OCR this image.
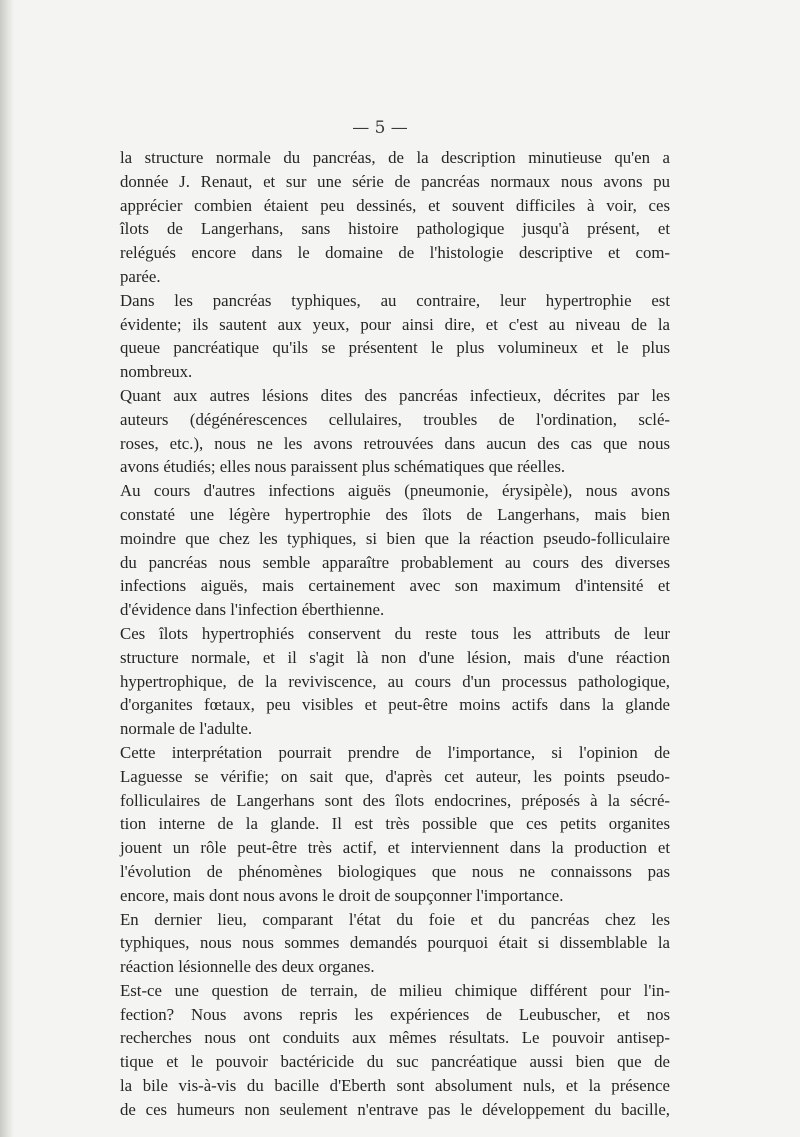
— 5 —
la structure normale du pancréas, de la description minutieuse qu'en a
donnée J. Renaut, et sur une série de pancréas normaux nous avons pu
apprécier combien étaient peu dessinés, et souvent difficiles à voir, ces
îlots de Langerhans, sans histoire pathologique jusqu'à présent, et
relégués encore dans le domaine de l'histologie descriptive et com-
parée.
Dans les pancréas typhiques, au contraire, leur hypertrophie est
évidente; ils sautent aux yeux, pour ainsi dire, et c'est au niveau de la
queue pancréatique qu'ils se présentent le plus volumineux et le plus
nombreux.
Quant aux autres lésions dites des pancréas infectieux, décrites par les
auteurs (dégénérescences cellulaires, troubles de l'ordination, sclé-
roses, etc.), nous ne les avons retrouvées dans aucun des cas que nous
avons étudiés; elles nous paraissent plus schématiques que réelles.
Au cours d'autres infections aiguës (pneumonie, érysipèle), nous avons
constaté une légère hypertrophie des îlots de Langerhans, mais bien
moindre que chez les typhiques, si bien que la réaction pseudo-folliculaire
du pancréas nous semble apparaître probablement au cours des diverses
infections aiguës, mais certainement avec son maximum d'intensité et
d'évidence dans l'infection éberthienne.
Ces îlots hypertrophiés conservent du reste tous les attributs de leur
structure normale, et il s'agit là non d'une lésion, mais d'une réaction
hypertrophique, de la reviviscence, au cours d'un processus pathologique,
d'organites fœtaux, peu visibles et peut-être moins actifs dans la glande
normale de l'adulte.
Cette interprétation pourrait prendre de l'importance, si l'opinion de
Laguesse se vérifie; on sait que, d'après cet auteur, les points pseudo-
folliculaires de Langerhans sont des îlots endocrines, préposés à la sécré-
tion interne de la glande. Il est très possible que ces petits organites
jouent un rôle peut-être très actif, et interviennent dans la production et
l'évolution de phénomènes biologiques que nous ne connaissons pas
encore, mais dont nous avons le droit de soupçonner l'importance.
En dernier lieu, comparant l'état du foie et du pancréas chez les
typhiques, nous nous sommes demandés pourquoi était si dissemblable la
réaction lésionnelle des deux organes.
Est-ce une question de terrain, de milieu chimique différent pour l'in-
fection? Nous avons repris les expériences de Leubuscher, et nos
recherches nous ont conduits aux mêmes résultats. Le pouvoir antisep-
tique et le pouvoir bactéricide du suc pancréatique aussi bien que de
la bile vis-à-vis du bacille d'Eberth sont absolument nuls, et la présence
de ces humeurs non seulement n'entrave pas le développement du bacille,
